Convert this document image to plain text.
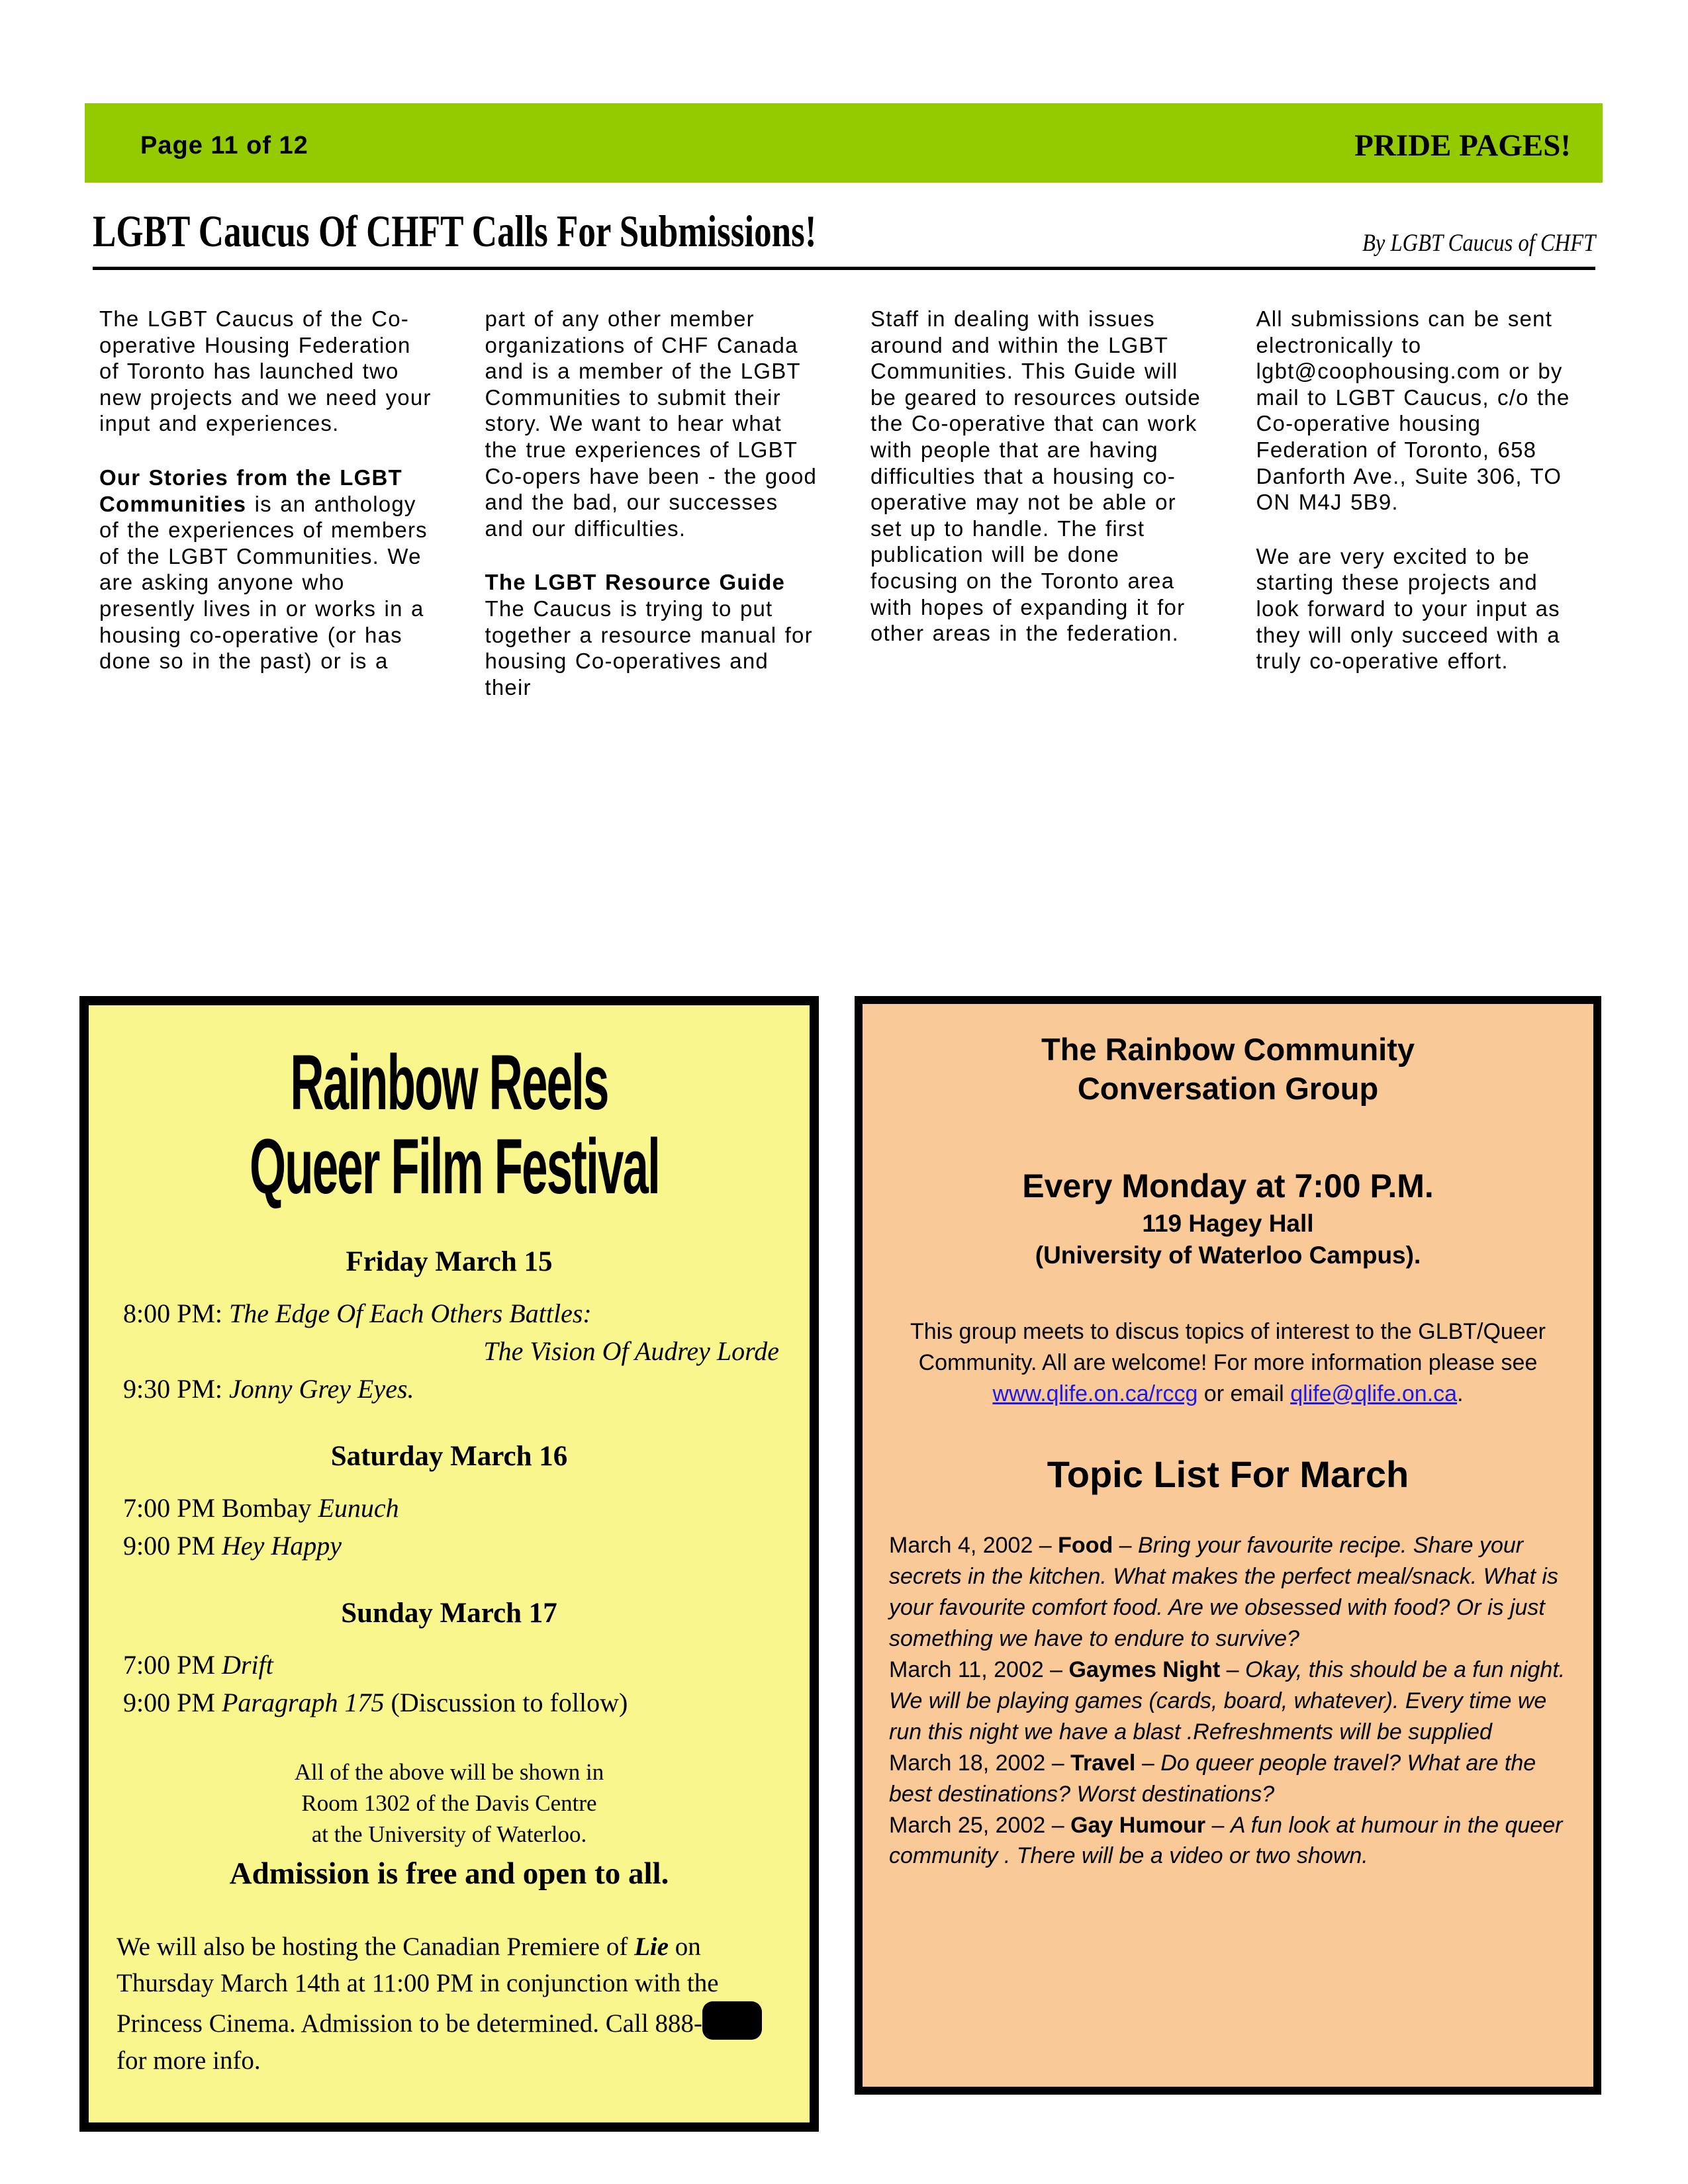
Page 11 of 12	PRIDE PAGES!
LGBT Caucus Of CHFT Calls For Submissions!	By LGBT Caucus of CHFT

The LGBT Caucus of the Co-operative Housing Federation of Toronto has launched two new projects and we need your input and experiences.

Our Stories from the LGBT Communities is an anthology of the experiences of members of the LGBT Communities. We are asking anyone who presently lives in or works in a housing co-operative (or has done so in the past) or is a

part of any other member organizations of CHF Canada and is a member of the LGBT Communities to submit their story. We want to hear what the true experiences of LGBT Co-opers have been - the good and the bad, our successes and our difficulties.

The LGBT Resource Guide The Caucus is trying to put together a resource manual for housing Co-operatives and their

Staff in dealing with issues around and within the LGBT Communities. This Guide will be geared to resources outside the Co-operative that can work with people that are having difficulties that a housing co-operative may not be able or set up to handle. The first publication will be done focusing on the Toronto area with hopes of expanding it for other areas in the federation.

All submissions can be sent electronically to lgbt@coophousing.com or by mail to LGBT Caucus, c/o the Co-operative housing Federation of Toronto, 658 Danforth Ave., Suite 306, TO ON M4J 5B9.

We are very excited to be starting these projects and look forward to your input as they will only succeed with a truly co-operative effort.

Rainbow Reels
Queer Film Festival
Friday March 15
8:00 PM: The Edge Of Each Others Battles:
The Vision Of Audrey Lorde
9:30 PM: Jonny Grey Eyes.
Saturday March 16
7:00 PM Bombay Eunuch
9:00 PM Hey Happy
Sunday March 17
7:00 PM Drift
9:00 PM Paragraph 175 (Discussion to follow)
All of the above will be shown in
Room 1302 of the Davis Centre
at the University of Waterloo.
Admission is free and open to all.
We will also be hosting the Canadian Premiere of Lie on Thursday March 14th at 11:00 PM in conjunction with the Princess Cinema. Admission to be determined. Call 888- for more info.
The Rainbow Community
Conversation Group
Every Monday at 7:00 P.M.
119 Hagey Hall
(University of Waterloo Campus).
This group meets to discus topics of interest to the GLBT/Queer Community. All are welcome! For more information please see www.qlife.on.ca/rccg or email qlife@qlife.on.ca.
Topic List For March
March 4, 2002 – Food – Bring your favourite recipe. Share your secrets in the kitchen. What makes the perfect meal/snack. What is your favourite comfort food. Are we obsessed with food? Or is just something we have to endure to survive?
March 11, 2002 – Gaymes Night – Okay, this should be a fun night. We will be playing games (cards, board, whatever). Every time we run this night we have a blast .Refreshments will be supplied
March 18, 2002 – Travel – Do queer people travel? What are the best destinations? Worst destinations?
March 25, 2002 – Gay Humour – A fun look at humour in the queer community . There will be a video or two shown.
